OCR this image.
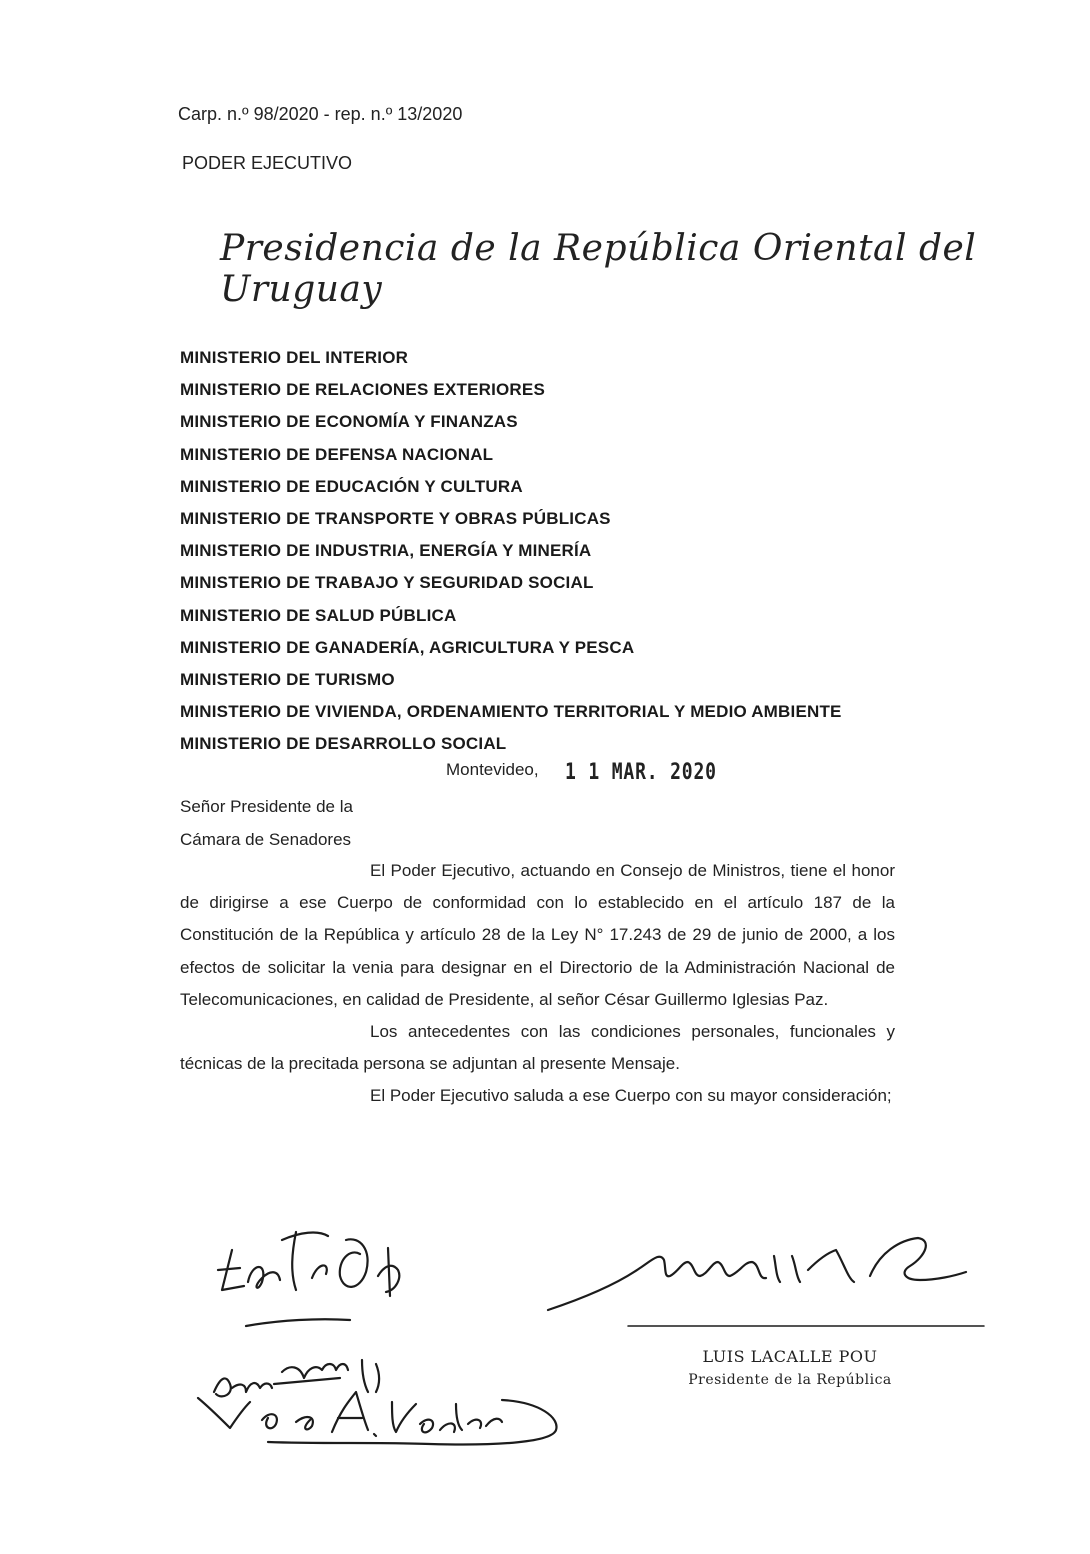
Carp. n.º 98/2020 - rep. n.º 13/2020
PODER EJECUTIVO
Presidencia de la República Oriental del Uruguay
MINISTERIO DEL INTERIOR
MINISTERIO DE RELACIONES EXTERIORES
MINISTERIO DE ECONOMÍA Y FINANZAS
MINISTERIO DE DEFENSA NACIONAL
MINISTERIO DE EDUCACIÓN Y CULTURA
MINISTERIO DE TRANSPORTE Y OBRAS PÚBLICAS
MINISTERIO DE INDUSTRIA, ENERGÍA Y MINERÍA
MINISTERIO DE TRABAJO Y SEGURIDAD SOCIAL
MINISTERIO DE SALUD PÚBLICA
MINISTERIO DE GANADERÍA, AGRICULTURA Y PESCA
MINISTERIO DE TURISMO
MINISTERIO DE VIVIENDA, ORDENAMIENTO TERRITORIAL Y MEDIO AMBIENTE
MINISTERIO DE DESARROLLO SOCIAL
Montevideo, 1 1 MAR. 2020
Señor Presidente de la
Cámara de Senadores

El Poder Ejecutivo, actuando en Consejo de Ministros, tiene el honor de dirigirse a ese Cuerpo de conformidad con lo establecido en el artículo 187 de la Constitución de la República y artículo 28 de la Ley N° 17.243 de 29 de junio de 2000, a los efectos de solicitar la venia para designar en el Directorio de la Administración Nacional de Telecomunicaciones, en calidad de Presidente, al señor César Guillermo Iglesias Paz.

Los antecedentes con las condiciones personales, funcionales y técnicas de la precitada persona se adjuntan al presente Mensaje.

El Poder Ejecutivo saluda a ese Cuerpo con su mayor consideración;

LUIS LACALLE POU
Presidente de la República
